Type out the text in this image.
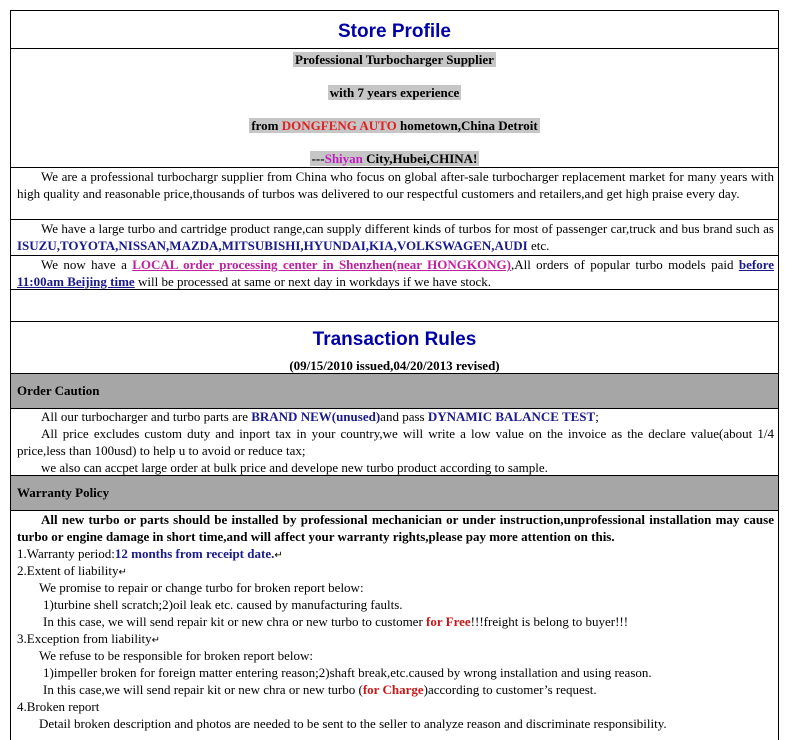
Store Profile
Professional Turbocharger Supplier
with 7 years experience
from DONGFENG AUTO hometown,China Detroit
---Shiyan City,Hubei,CHINA!
We are a professional turbochargr supplier from China who focus on global after-sale turbocharger replacement market for many years with high quality and reasonable price,thousands of turbos was delivered to our respectful customers and retailers,and get high praise every day.
We have a large turbo and cartridge product range,can supply different kinds of turbos for most of passenger car,truck and bus brand such as ISUZU,TOYOTA,NISSAN,MAZDA,MITSUBISHI,HYUNDAI,KIA,VOLKSWAGEN,AUDI etc.
We now have a LOCAL order processing center in Shenzhen(near HONGKONG),All orders of popular turbo models paid before 11:00am Beijing time will be processed at same or next day in workdays if we have stock.
Transaction Rules
(09/15/2010 issued,04/20/2013 revised)
Order Caution
All our turbocharger and turbo parts are BRAND NEW(unused)and pass DYNAMIC BALANCE TEST;
All price excludes custom duty and inport tax in your country,we will write a low value on the invoice as the declare value(about 1/4 price,less than 100usd) to help u to avoid or reduce tax;
we also can accpet large order at bulk price and develope new turbo product according to sample.
Warranty Policy
All new turbo or parts should be installed by professional mechanician or under instruction,unprofessional installation may cause turbo or engine damage in short time,and will affect your warranty rights,please pay more attention on this.
1.Warranty period:12 months from receipt date.↵
2.Extent of liability↵
We promise to repair or change turbo for broken report below:
1)turbine shell scratch;2)oil leak etc. caused by manufacturing faults.
In this case, we will send repair kit or new chra or new turbo to customer for Free!!!freight is belong to buyer!!!
3.Exception from liability↵
We refuse to be responsible for broken report below:
1)impeller broken for foreign matter entering reason;2)shaft break,etc.caused by wrong installation and using reason.
In this case,we will send repair kit or new chra or new turbo (for Charge)according to customer’s request.
4.Broken report
Detail broken description and photos are needed to be sent to the seller to analyze reason and discriminate responsibility.
